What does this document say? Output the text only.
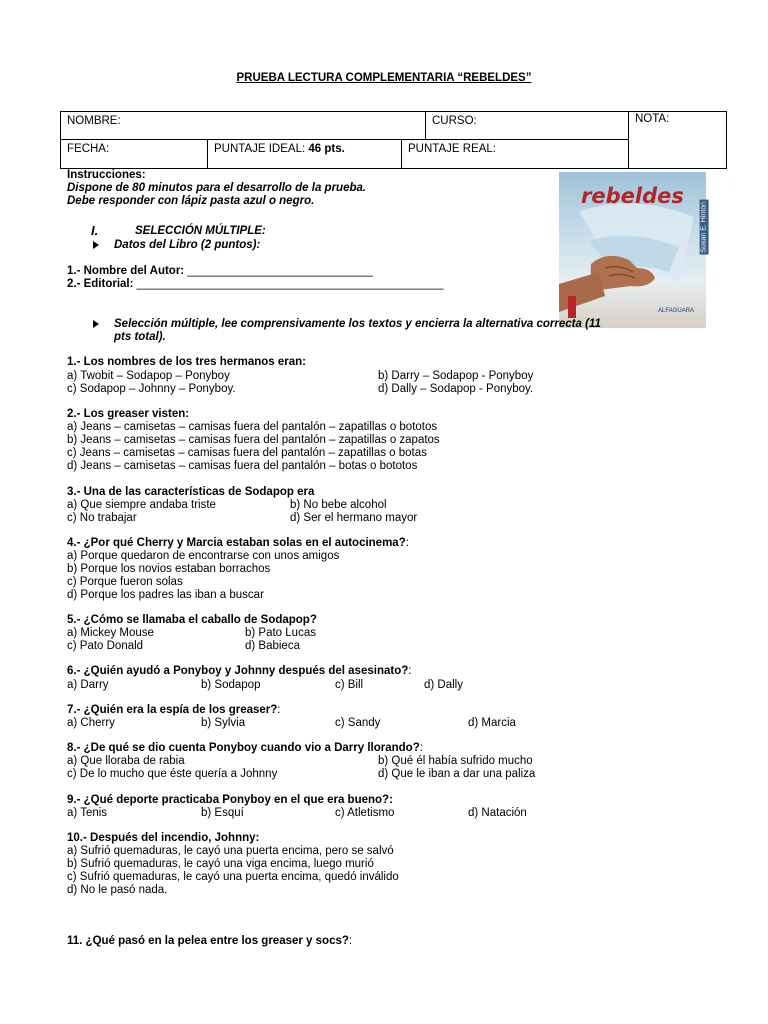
PRUEBA LECTURA COMPLEMENTARIA “REBELDES”
NOMBRE:	CURSO:	NOTA:
FECHA:	PUNTAJE IDEAL: 46 pts.	PUNTAJE REAL:
Instrucciones:
Dispone de 80 minutos para el desarrollo de la prueba.
Debe responder con lápiz pasta azul o negro.	rebeldes
Susan E. Hinton
ALFAGUARA
I.	SELECCIÓN MÚLTIPLE:
Datos del Libro (2 puntos):
1.- Nombre del Autor: _____________________________
2.- Editorial: ________________________________________________
Selección múltiple, lee comprensivamente los textos y encierra la alternativa correcta (11
pts total).
1.- Los nombres de los tres hermanos eran:
a) Twobit – Sodapop – Ponyboy	b) Darry – Sodapop - Ponyboy
c) Sodapop – Johnny – Ponyboy.	d) Dally – Sodapop - Ponyboy.
2.- Los greaser visten:
a) Jeans – camisetas – camisas fuera del pantalón – zapatillas o bototos
b) Jeans – camisetas – camisas fuera del pantalón – zapatillas o zapatos
c) Jeans – camisetas – camisas fuera del pantalón – zapatillas o botas
d) Jeans – camisetas – camisas fuera del pantalón – botas o bototos
3.- Una de las características de Sodapop era
a) Que siempre andaba triste	b) No bebe alcohol
c) No trabajar	d) Ser el hermano mayor
4.- ¿Por qué Cherry y Marcia estaban solas en el autocinema?:
a) Porque quedaron de encontrarse con unos amigos
b) Porque los novios estaban borrachos
c) Porque fueron solas
d) Porque los padres las iban a buscar
5.- ¿Cómo se llamaba el caballo de Sodapop?
a) Mickey Mouse	b) Pato Lucas
c) Pato Donald	d) Babieca
6.- ¿Quién ayudó a Ponyboy y Johnny después del asesinato?:
a) Darry	b) Sodapop	c) Bill	d) Dally
7.- ¿Quién era la espía de los greaser?:
a) Cherry	b) Sylvia	c) Sandy	d) Marcia
8.- ¿De qué se dio cuenta Ponyboy cuando vio a Darry llorando?:
a) Que lloraba de rabia	b) Qué él había sufrido mucho
c) De lo mucho que éste quería a Johnny	d) Que le iban a dar una paliza
9.- ¿Qué deporte practicaba Ponyboy en el que era bueno?:
a) Tenis	b) Esquí	c) Atletismo	d) Natación
10.- Después del incendio, Johnny:
a) Sufrió quemaduras, le cayó una puerta encima, pero se salvó
b) Sufrió quemaduras, le cayó una viga encima, luego murió
c) Sufrió quemaduras, le cayó una puerta encima, quedó inválido
d) No le pasó nada.
11. ¿Qué pasó en la pelea entre los greaser y socs?:
